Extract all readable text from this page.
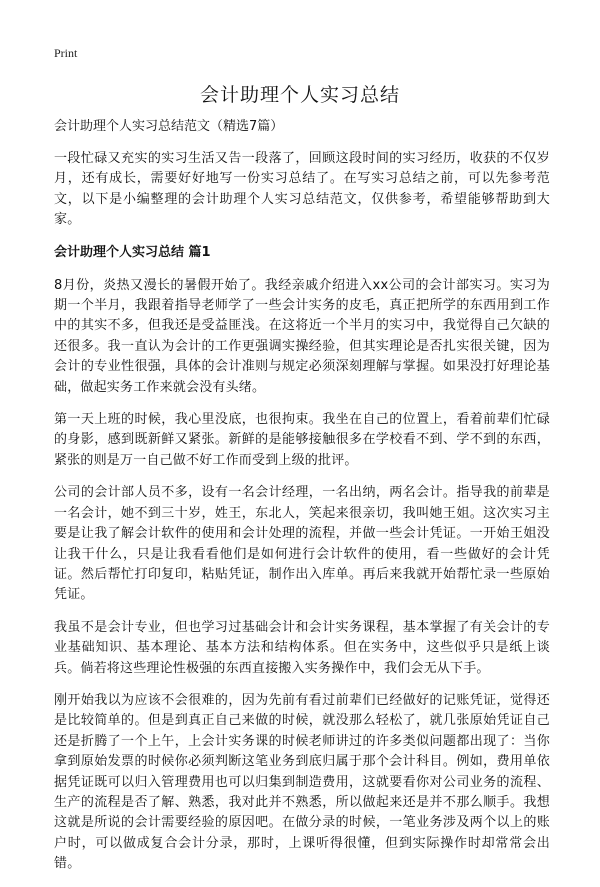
Print
会计助理个人实习总结
会计助理个人实习总结范文（精选7篇）

一段忙碌又充实的实习生活又告一段落了，回顾这段时间的实习经历，收获的不仅岁月，还有成长，需要好好地写一份实习总结了。在写实习总结之前，可以先参考范文，以下是小编整理的会计助理个人实习总结范文，仅供参考，希望能够帮助到大家。

会计助理个人实习总结 篇1

8月份，炎热又漫长的暑假开始了。我经亲戚介绍进入xx公司的会计部实习。实习为期一个半月，我跟着指导老师学了一些会计实务的皮毛，真正把所学的东西用到工作中的其实不多，但我还是受益匪浅。在这将近一个半月的实习中，我觉得自己欠缺的还很多。我一直认为会计的工作更强调实操经验，但其实理论是否扎实很关键，因为会计的专业性很强，具体的会计准则与规定必须深刻理解与掌握。如果没打好理论基础，做起实务工作来就会没有头绪。

第一天上班的时候，我心里没底，也很拘束。我坐在自己的位置上，看着前辈们忙碌的身影，感到既新鲜又紧张。新鲜的是能够接触很多在学校看不到、学不到的东西，紧张的则是万一自己做不好工作而受到上级的批评。

公司的会计部人员不多，设有一名会计经理，一名出纳，两名会计。指导我的前辈是一名会计，她不到三十岁，姓王，东北人，笑起来很亲切，我叫她王姐。这次实习主要是让我了解会计软件的使用和会计处理的流程，并做一些会计凭证。一开始王姐没让我干什么，只是让我看看他们是如何进行会计软件的使用，看一些做好的会计凭证。然后帮忙打印复印，粘贴凭证，制作出入库单。再后来我就开始帮忙录一些原始凭证。

我虽不是会计专业，但也学习过基础会计和会计实务课程，基本掌握了有关会计的专业基础知识、基本理论、基本方法和结构体系。但在实务中，这些似乎只是纸上谈兵。倘若将这些理论性极强的东西直接搬入实务操作中，我们会无从下手。

刚开始我以为应该不会很难的，因为先前有看过前辈们已经做好的记账凭证，觉得还是比较简单的。但是到真正自己来做的时候，就没那么轻松了，就几张原始凭证自己还是折腾了一个上午，上会计实务课的时候老师讲过的许多类似问题都出现了：当你拿到原始发票的时候你必须判断这笔业务到底归属于那个会计科目。例如，费用单依据凭证既可以归入管理费用也可以归集到制造费用，这就要看你对公司业务的流程、生产的流程是否了解、熟悉，我对此并不熟悉，所以做起来还是并不那么顺手。我想这就是所说的会计需要经验的原因吧。在做分录的时候，一笔业务涉及两个以上的账户时，可以做成复合会计分录，那时，上课听得很懂，但到实际操作时却常常会出错。
